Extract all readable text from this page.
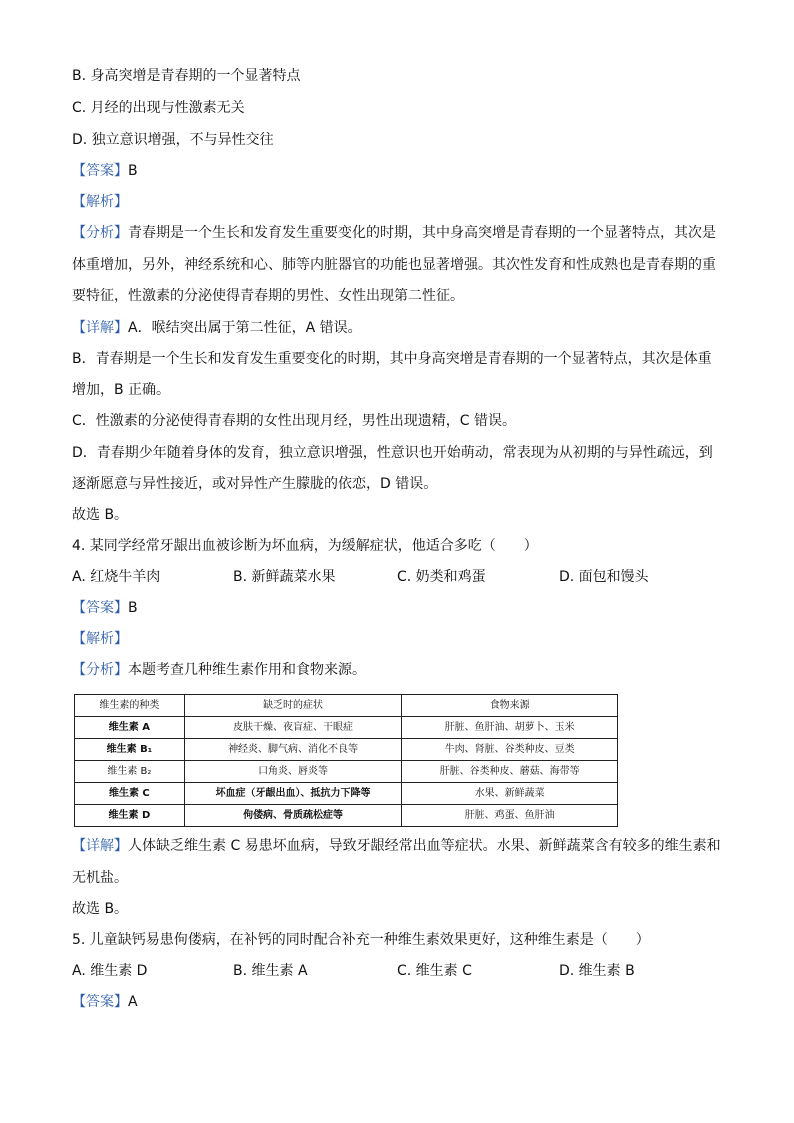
B. 身高突增是青春期的一个显著特点
C. 月经的出现与性激素无关
D. 独立意识增强，不与异性交往
【答案】B
【解析】
【分析】青春期是一个生长和发育发生重要变化的时期，其中身高突增是青春期的一个显著特点，其次是
体重增加，另外，神经系统和心、肺等内脏器官的功能也显著增强。其次性发育和性成熟也是青春期的重
要特征，性激素的分泌使得青春期的男性、女性出现第二性征。
【详解】A．喉结突出属于第二性征，A 错误。
B．青春期是一个生长和发育发生重要变化的时期，其中身高突增是青春期的一个显著特点，其次是体重
增加，B 正确。
C．性激素的分泌使得青春期的女性出现月经，男性出现遗精，C 错误。
D．青春期少年随着身体的发育，独立意识增强，性意识也开始萌动，常表现为从初期的与异性疏远，到
逐渐愿意与异性接近，或对异性产生朦胧的依恋，D 错误。
故选 B。
4. 某同学经常牙龈出血被诊断为坏血病，为缓解症状，他适合多吃（　　）
A. 红烧牛羊肉	B. 新鲜蔬菜水果	C. 奶类和鸡蛋	D. 面包和馒头
【答案】B
【解析】
【分析】本题考查几种维生素作用和食物来源。
维生素的种类	缺乏时的症状	食物来源
维生素 A	皮肤干燥、夜盲症、干眼症	肝脏、鱼肝油、胡萝卜、玉米
维生素 B₁	神经炎、脚气病、消化不良等	牛肉、肾脏、谷类种皮、豆类
维生素 B₂	口角炎、唇炎等	肝脏、谷类种皮、蘑菇、海带等
维生素 C	坏血症（牙龈出血）、抵抗力下降等	水果、新鲜蔬菜
维生素 D	佝偻病、骨质疏松症等	肝脏、鸡蛋、鱼肝油
【详解】人体缺乏维生素 C 易患坏血病，导致牙龈经常出血等症状。水果、新鲜蔬菜含有较多的维生素和
无机盐。
故选 B。
5. 儿童缺钙易患佝偻病，在补钙的同时配合补充一种维生素效果更好，这种维生素是（　　）
A. 维生素 D	B. 维生素 A	C. 维生素 C	D. 维生素 B
【答案】A
